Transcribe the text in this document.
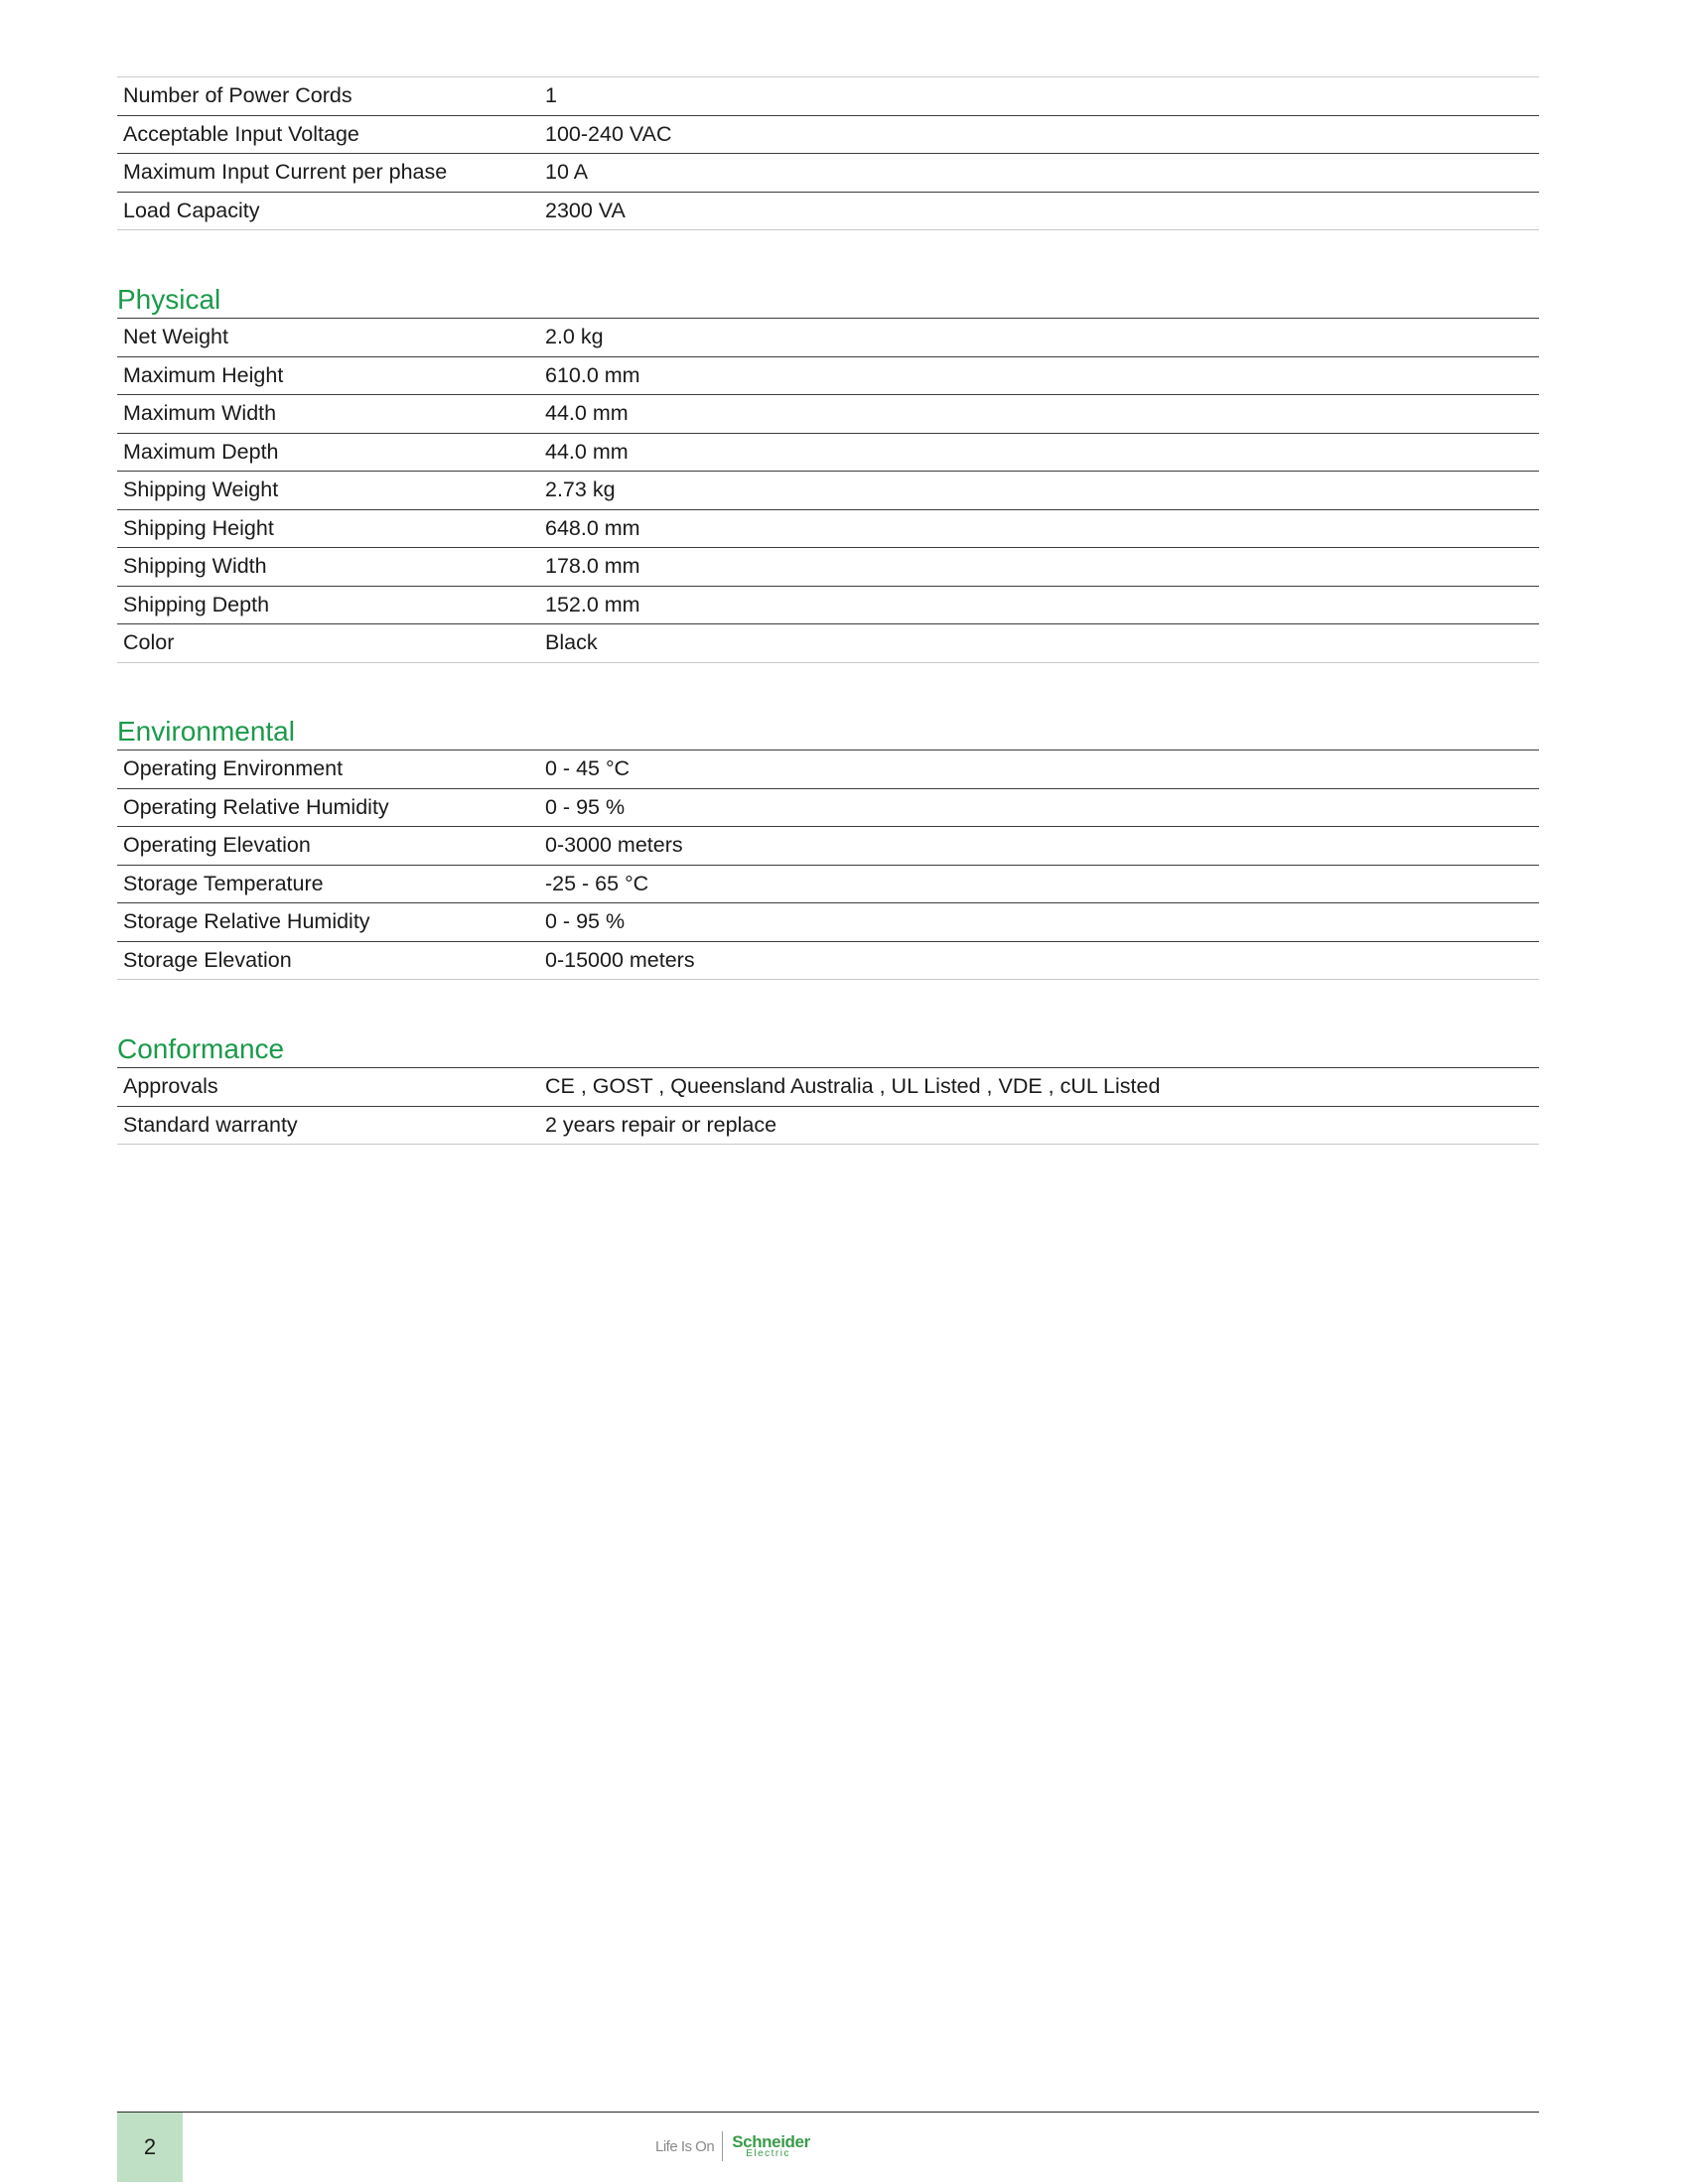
Number of Power Cords	1
Acceptable Input Voltage	100-240 VAC
Maximum Input Current per phase	10 A
Load Capacity	2300 VA
Physical
Net Weight	2.0 kg
Maximum Height	610.0 mm
Maximum Width	44.0 mm
Maximum Depth	44.0 mm
Shipping Weight	2.73 kg
Shipping Height	648.0 mm
Shipping Width	178.0 mm
Shipping Depth	152.0 mm
Color	Black
Environmental
Operating Environment	0 - 45 °C
Operating Relative Humidity	0 - 95 %
Operating Elevation	0-3000 meters
Storage Temperature	-25 - 65 °C
Storage Relative Humidity	0 - 95 %
Storage Elevation	0-15000 meters
Conformance
Approvals	CE , GOST , Queensland Australia , UL Listed , VDE , cUL Listed
Standard warranty	2 years repair or replace
2	Life Is On Schneider
Electric
